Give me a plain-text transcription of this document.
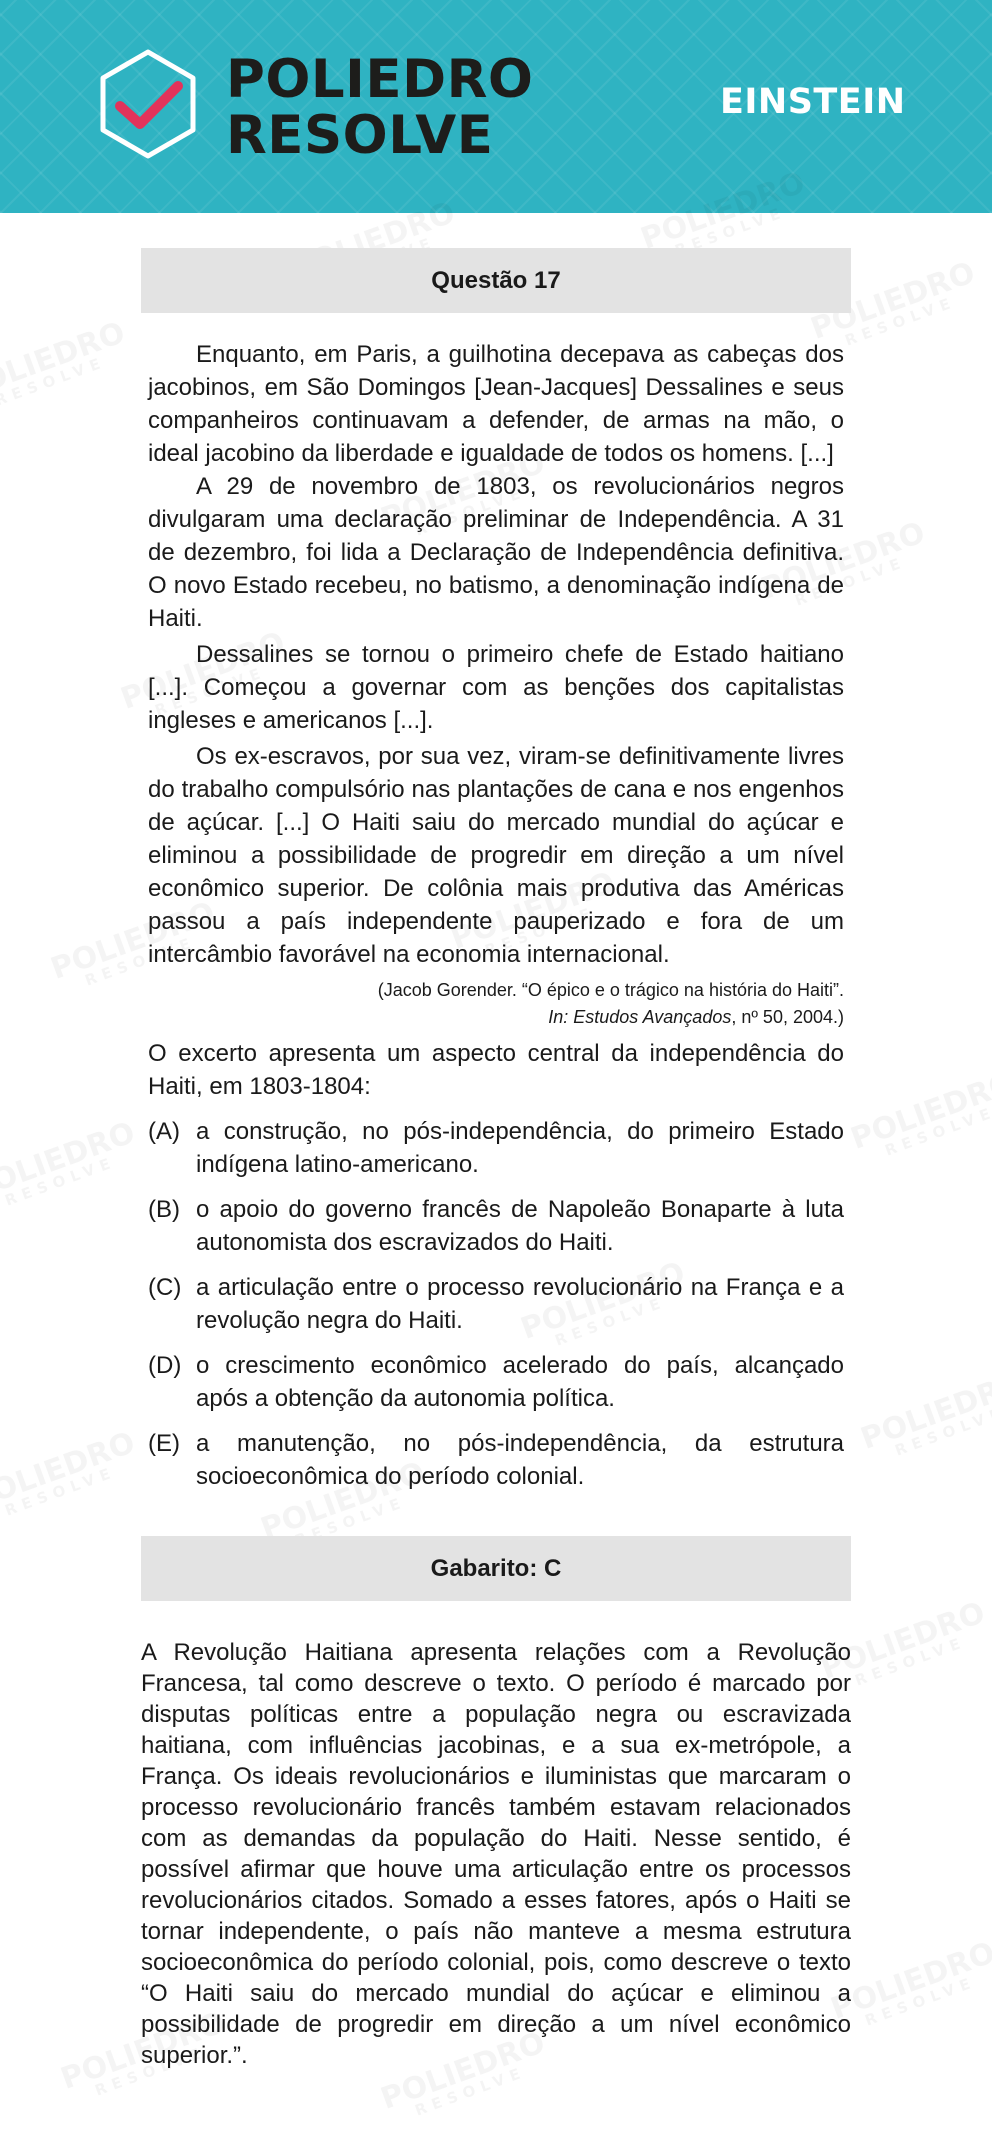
POLIEDRO
RESOLVE
EINSTEIN
Questão 17

Enquanto, em Paris, a guilhotina decepava as cabeças dos jacobinos, em São Domingos [Jean-Jacques] Dessalines e seus companheiros continuavam a defender, de armas na mão, o ideal jacobino da liberdade e igualdade de todos os homens. [...]

A 29 de novembro de 1803, os revolucionários negros divulgaram uma declaração preliminar de Independência. A 31 de dezembro, foi lida a Declaração de Independência definitiva. O novo Estado recebeu, no batismo, a denominação indígena de Haiti.

Dessalines se tornou o primeiro chefe de Estado haitiano [...]. Começou a governar com as benções dos capitalistas ingleses e americanos [...].

Os ex-escravos, por sua vez, viram-se definitivamente livres do trabalho compulsório nas plantações de cana e nos engenhos de açúcar. [...] O Haiti saiu do mercado mundial do açúcar e eliminou a possibilidade de progredir em direção a um nível econômico superior. De colônia mais produtiva das Américas passou a país independente pauperizado e fora de um intercâmbio favorável na economia internacional.

(Jacob Gorender. “O épico e o trágico na história do Haiti”.
In: Estudos Avançados, nº 50, 2004.)

O excerto apresenta um aspecto central da independência do Haiti, em 1803-1804:

(A) a construção, no pós-independência, do primeiro Estado indígena latino-americano.
(B) o apoio do governo francês de Napoleão Bonaparte à luta autonomista dos escravizados do Haiti.
(C) a articulação entre o processo revolucionário na França e a revolução negra do Haiti.
(D) o crescimento econômico acelerado do país, alcançado após a obtenção da autonomia política.
(E) a manutenção, no pós-independência, da estrutura socioeconômica do período colonial.
Gabarito: C

A Revolução Haitiana apresenta relações com a Revolução Francesa, tal como descreve o texto. O período é marcado por disputas políticas entre a população negra ou escravizada haitiana, com influências jacobinas, e a sua ex-metrópole, a França. Os ideais revolucionários e iluministas que marcaram o processo revolucionário francês também estavam relacionados com as demandas da população do Haiti. Nesse sentido, é possível afirmar que houve uma articulação entre os processos revolucionários citados. Somado a esses fatores, após o Haiti se tornar independente, o país não manteve a mesma estrutura socioeconômica do período colonial, pois, como descreve o texto “O Haiti saiu do mercado mundial do açúcar e eliminou a possibilidade de progredir em direção a um nível econômico superior.”.
